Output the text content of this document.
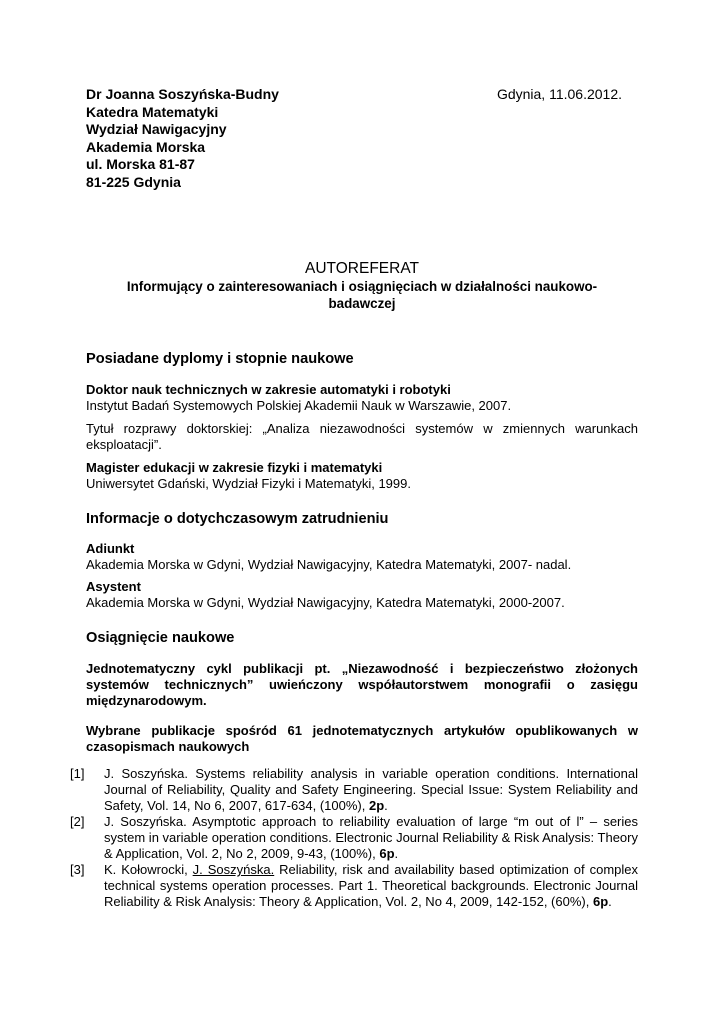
Dr Joanna Soszyńska-Budny	Gdynia, 11.06.2012.
Katedra Matematyki
Wydział Nawigacyjny
Akademia Morska
ul. Morska 81-87
81-225 Gdynia
AUTOREFERAT
Informujący o zainteresowaniach i osiągnięciach w działalności naukowo-badawczej
Posiadane dyplomy i stopnie naukowe
Doktor nauk technicznych w zakresie automatyki i robotyki
Instytut Badań Systemowych Polskiej Akademii Nauk w Warszawie, 2007.
Tytuł rozprawy doktorskiej: „Analiza niezawodności systemów w zmiennych warunkach eksploatacji”.
Magister edukacji w zakresie fizyki i matematyki
Uniwersytet Gdański, Wydział Fizyki i Matematyki, 1999.
Informacje o dotychczasowym zatrudnieniu
Adiunkt
Akademia Morska w Gdyni, Wydział Nawigacyjny, Katedra Matematyki, 2007- nadal.
Asystent
Akademia Morska w Gdyni, Wydział Nawigacyjny, Katedra Matematyki, 2000-2007.
Osiągnięcie naukowe
Jednotematyczny cykl publikacji pt. „Niezawodność i bezpieczeństwo złożonych systemów technicznych” uwieńczony współautorstwem monografii o zasięgu międzynarodowym.
Wybrane publikacje spośród 61 jednotematycznych artykułów opublikowanych w czasopismach naukowych
[1] J. Soszyńska. Systems reliability analysis in variable operation conditions. International Journal of Reliability, Quality and Safety Engineering. Special Issue: System Reliability and Safety, Vol. 14, No 6, 2007, 617-634, (100%), 2p.
[2] J. Soszyńska. Asymptotic approach to reliability evaluation of large “m out of l” – series system in variable operation conditions. Electronic Journal Reliability & Risk Analysis: Theory & Application, Vol. 2, No 2, 2009, 9-43, (100%), 6p.
[3] K. Kołowrocki, J. Soszyńska. Reliability, risk and availability based optimization of complex technical systems operation processes. Part 1. Theoretical backgrounds. Electronic Journal Reliability & Risk Analysis: Theory & Application, Vol. 2, No 4, 2009, 142-152, (60%), 6p.
